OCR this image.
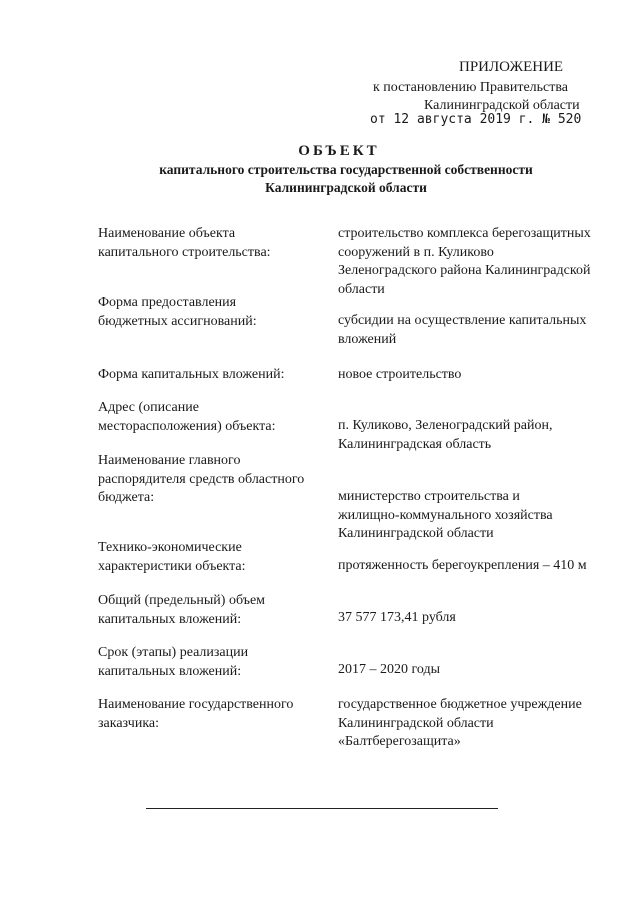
ПРИЛОЖЕНИЕ
к постановлению Правительства
Калининградской области
от 12 августа 2019 г. № 520
ОБЪЕКТ
капитального строительства государственной собственности
Калининградской области
Наименование объекта
капитального строительства:
строительство комплекса берегозащитных
сооружений в п. Куликово
Зеленоградского района Калининградской
области
Форма предоставления
бюджетных ассигнований:	субсидии на осуществление капитальных
вложений
Форма капитальных вложений:	новое строительство
Адрес (описание
месторасположения) объекта:	п. Куликово, Зеленоградский район,
Калининградская область
Наименование главного
распорядителя средств областного
бюджета:	министерство строительства и
жилищно-коммунального хозяйства
Калининградской области
Технико-экономические
характеристики объекта:	протяженность берегоукрепления – 410 м
Общий (предельный) объем
капитальных вложений:	37 577 173,41 рубля
Срок (этапы) реализации
капитальных вложений:	2017 – 2020 годы
Наименование государственного
заказчика:
государственное бюджетное учреждение
Калининградской области
«Балтберегозащита»
